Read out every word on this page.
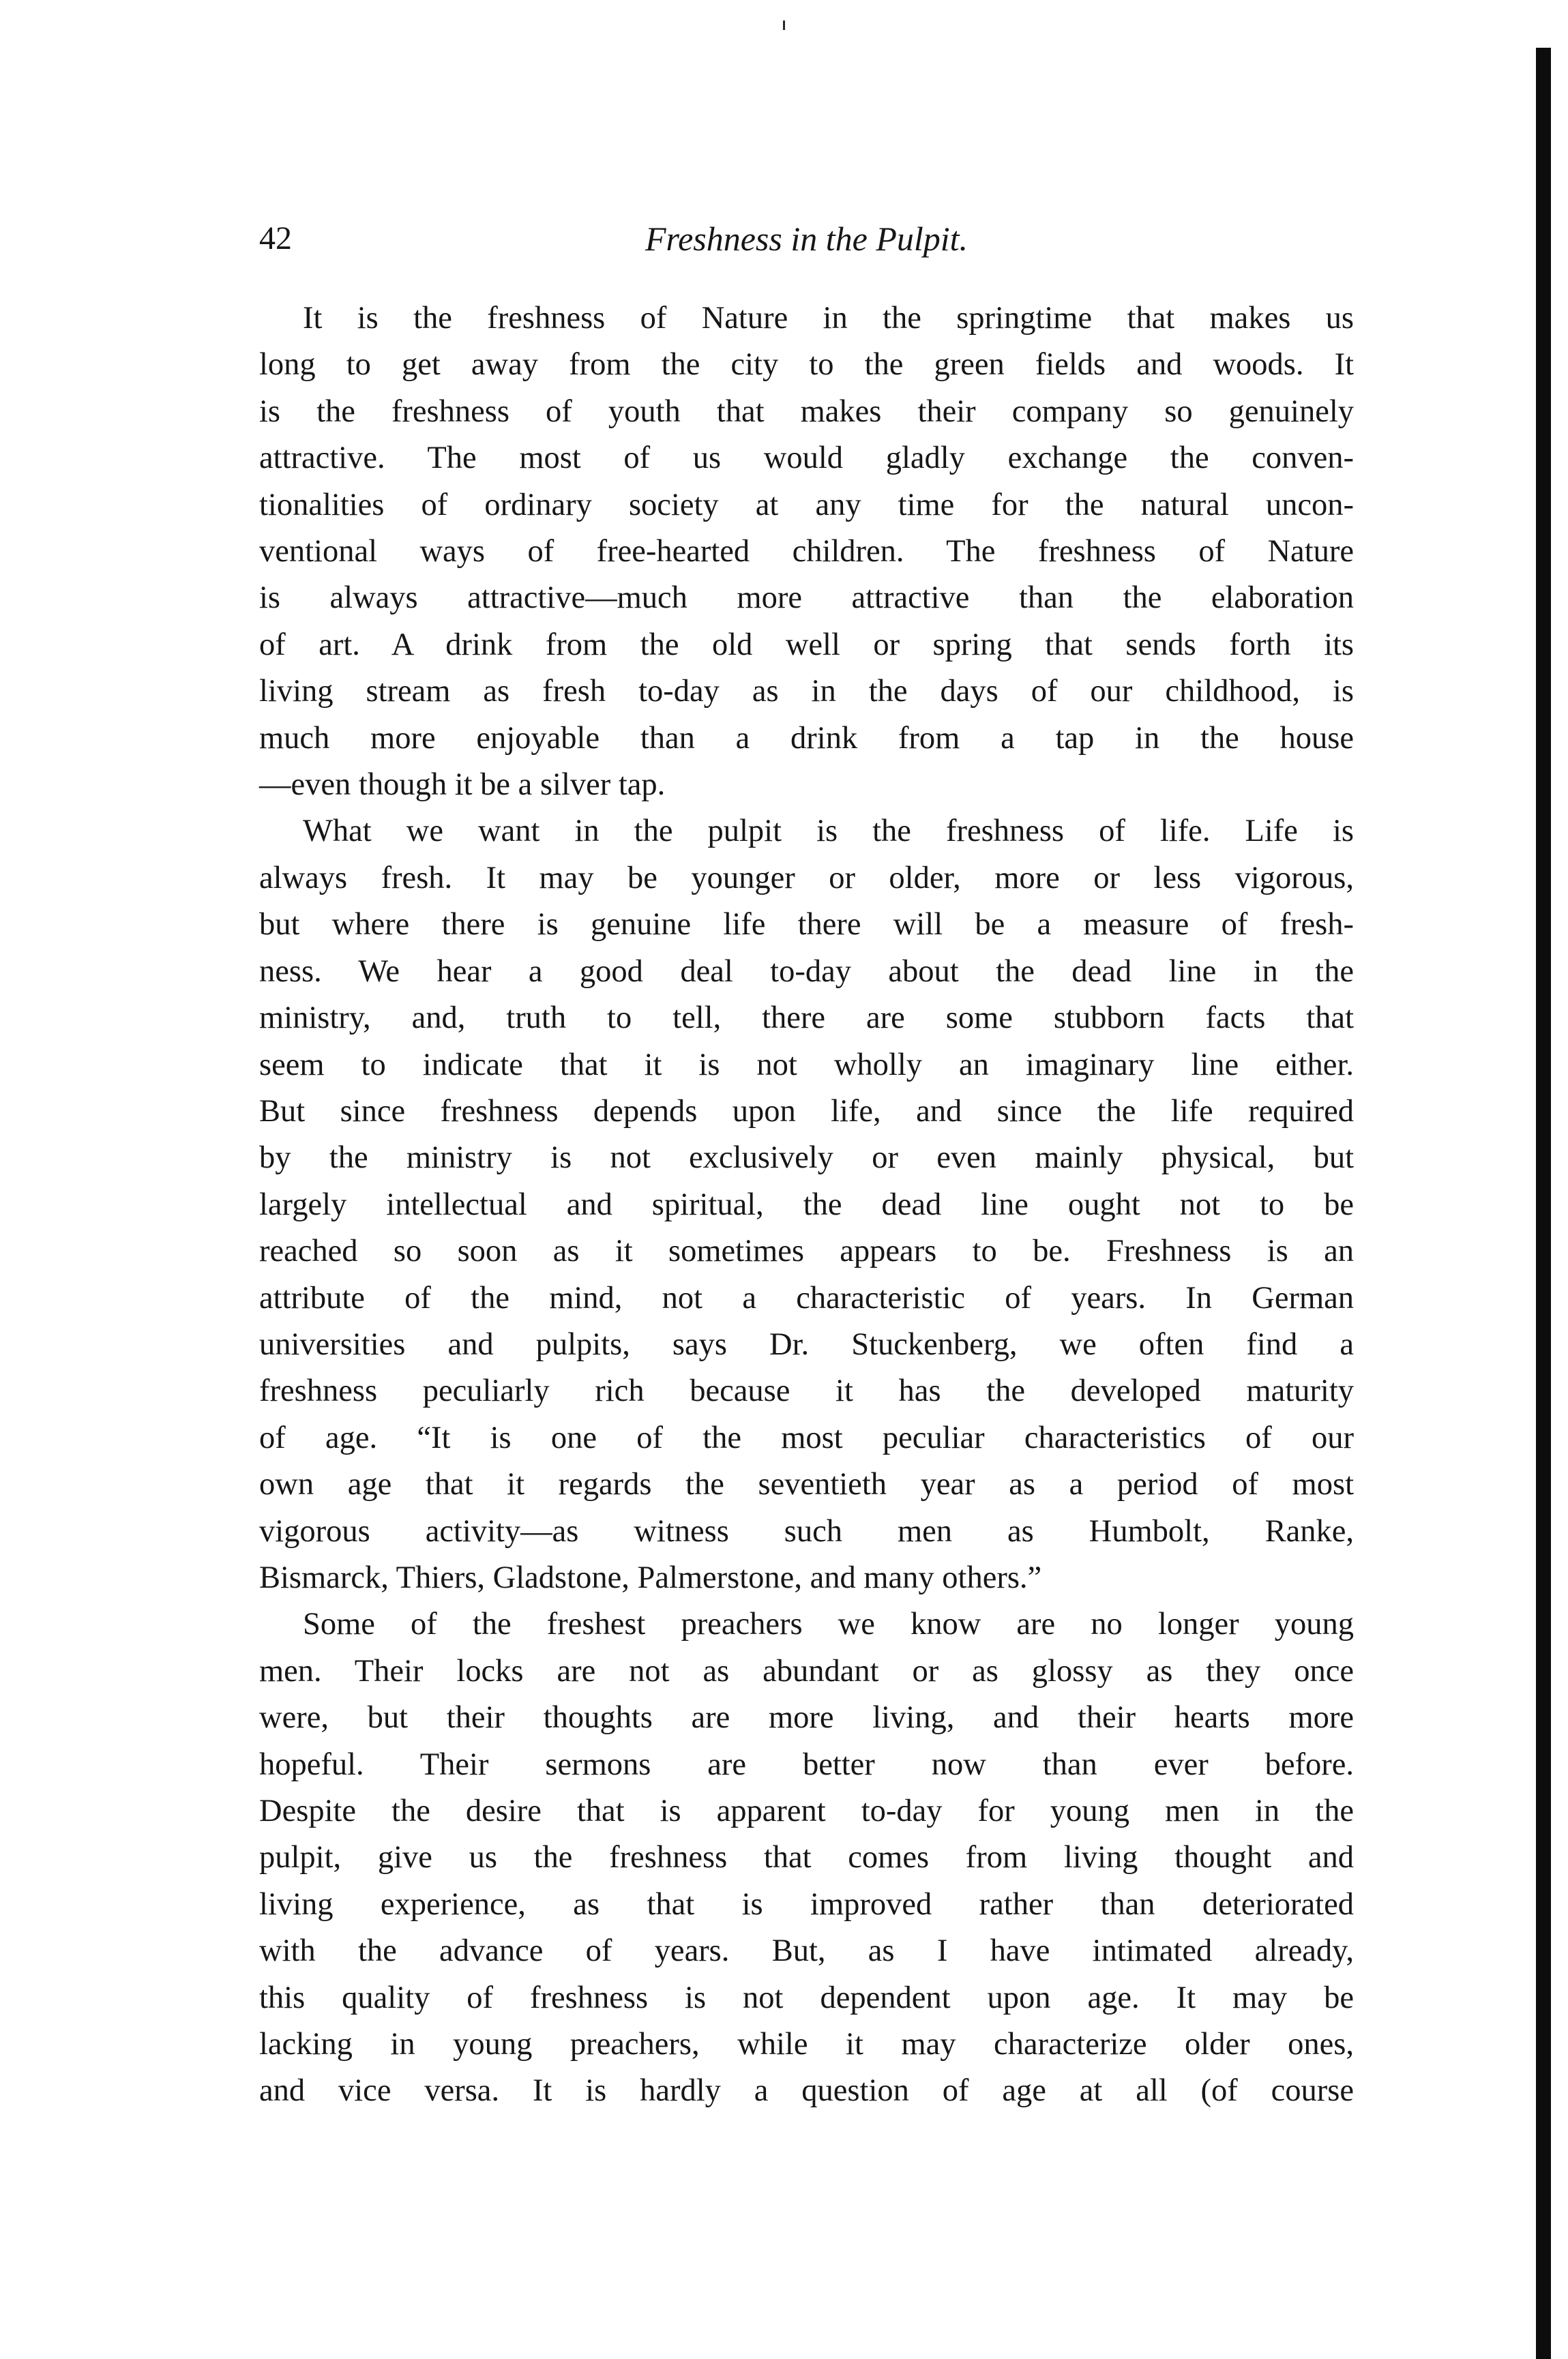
42	Freshness in the Pulpit.

It is the freshness of Nature in the springtime that makes us
long to get away from the city to the green fields and woods. It
is the freshness of youth that makes their company so genuinely
attractive. The most of us would gladly exchange the conven-
tionalities of ordinary society at any time for the natural uncon-
ventional ways of free-hearted children. The freshness of Nature
is always attractive—much more attractive than the elaboration
of art. A drink from the old well or spring that sends forth its
living stream as fresh to-day as in the days of our childhood, is
much more enjoyable than a drink from a tap in the house
—even though it be a silver tap.

What we want in the pulpit is the freshness of life. Life is
always fresh. It may be younger or older, more or less vigorous,
but where there is genuine life there will be a measure of fresh-
ness. We hear a good deal to-day about the dead line in the
ministry, and, truth to tell, there are some stubborn facts that
seem to indicate that it is not wholly an imaginary line either.
But since freshness depends upon life, and since the life required
by the ministry is not exclusively or even mainly physical, but
largely intellectual and spiritual, the dead line ought not to be
reached so soon as it sometimes appears to be. Freshness is an
attribute of the mind, not a characteristic of years. In German
universities and pulpits, says Dr. Stuckenberg, we often find a
freshness peculiarly rich because it has the developed maturity
of age. “It is one of the most peculiar characteristics of our
own age that it regards the seventieth year as a period of most
vigorous activity—as witness such men as Humbolt, Ranke,
Bismarck, Thiers, Gladstone, Palmerstone, and many others.”

Some of the freshest preachers we know are no longer young
men. Their locks are not as abundant or as glossy as they once
were, but their thoughts are more living, and their hearts more
hopeful. Their sermons are better now than ever before.
Despite the desire that is apparent to-day for young men in the
pulpit, give us the freshness that comes from living thought and
living experience, as that is improved rather than deteriorated
with the advance of years. But, as I have intimated already,
this quality of freshness is not dependent upon age. It may be
lacking in young preachers, while it may characterize older ones,
and vice versa. It is hardly a question of age at all (of course
